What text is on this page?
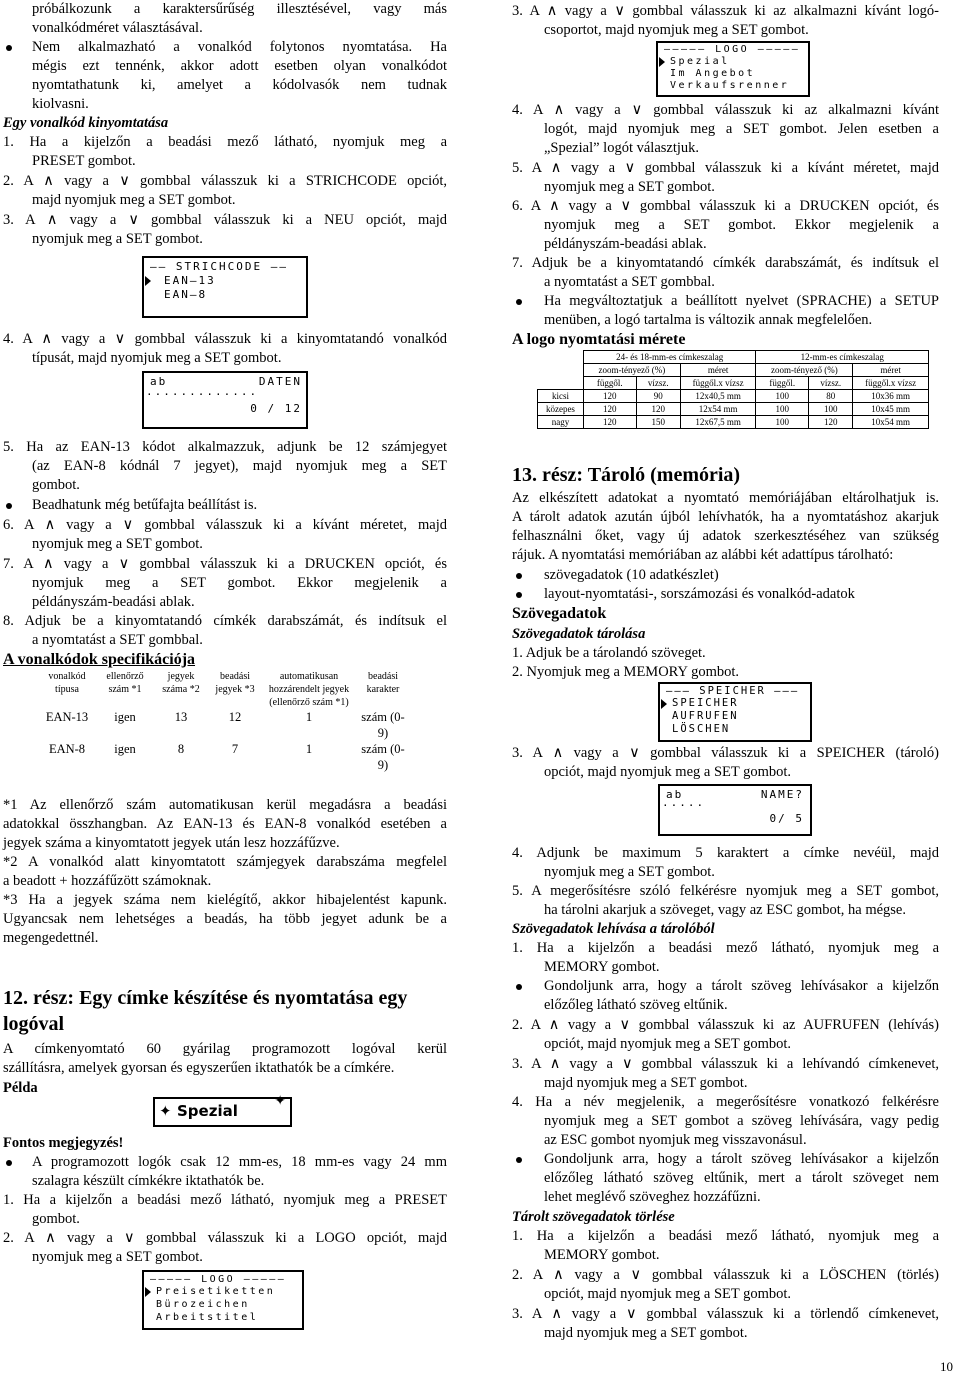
próbálkozunk a karaktersűrűség illesztésével, vagy más
vonalkódméret választásával.
Nem alkalmazható a vonalkód folytonos nyomtatása. Ha
mégis ezt tennénk, akkor adott esetben olyan vonalkódot
nyomtathatunk ki, amelyet a kódolvasók nem tudnak
kiolvasni.
Egy vonalkód kinyomtatása
1. Ha a kijelzőn a beadási mező látható, nyomjuk meg a
PRESET gombot.
2. A ∧ vagy a ∨ gombbal válasszuk ki a STRICHCODE opciót,
majd nyomjuk meg a SET gombot.
3. A ∧ vagy a ∨ gombbal válasszuk ki a NEU opciót, majd
nyomjuk meg a SET gombot.
–– STRICHCODE ––
EAN–13
EAN–8
4. A ∧ vagy a ∨ gombbal válasszuk ki a kinyomtatandó vonalkód
típusát, majd nyomjuk meg a SET gombot.
ab	DATEN
·············
0 / 12
5. Ha az EAN-13 kódot alkalmazzuk, adjunk be 12 számjegyet
(az EAN-8 kódnál 7 jegyet), majd nyomjuk meg a SET
gombot.
Beadhatunk még betűfajta beállítást is.
6. A ∧ vagy a ∨ gombbal válasszuk ki a kívánt méretet, majd
nyomjuk meg a SET gombot.
7. A ∧ vagy a ∨ gombbal válasszuk ki a DRUCKEN opciót, és
nyomjuk meg a SET gombot. Ekkor megjelenik a
példányszám-beadási ablak.
8. Adjuk be a kinyomtatandó címkék darabszámát, és indítsuk el
a nyomtatást a SET gombbal.
A vonalkódok specifikációja
vonalkód típusa	ellenőrző szám *1	jegyek száma *2	beadási jegyek *3	automatikusan hozzárendelt jegyek (ellenőrző szám *1)	beadási karakter
EAN-13	igen	13	12	1	szám (0-9)
EAN-8	igen	8	7	1	szám (0-9)
*1 Az ellenőrző szám automatikusan kerül megadásra a beadási
adatokkal összhangban. Az EAN-13 és EAN-8 vonalkód esetében a
jegyek száma a kinyomtatott jegyek után lesz hozzáfűzve.
*2 A vonalkód alatt kinyomtatott számjegyek darabszáma megfelel
a beadott + hozzáfűzött számoknak.
*3 Ha a jegyek száma nem kielégítő, akkor hibajelentést kapunk.
Ugyancsak nem lehetséges a beadás, ha több jegyet adunk be a
megengedettnél.
12. rész: Egy címke készítése és nyomtatása egy
logóval
A címkenyomtató 60 gyárilag programozott logóval kerül
szállításra, amelyek gyorsan és egyszerűen iktathatók be a címkére.
Példa
✦ Spezial
✦
Fontos megjegyzés!
A programozott logók csak 12 mm-es, 18 mm-es vagy 24 mm
szalagra készült címkékre iktathatók be.
1. Ha a kijelzőn a beadási mező látható, nyomjuk meg a PRESET
gombot.
2. A ∧ vagy a ∨ gombbal válasszuk ki a LOGO opciót, majd
nyomjuk meg a SET gombot.
––––– LOGO –––––
Preisetiketten
Bürozeichen
Arbeitstitel
3. A ∧ vagy a ∨ gombbal válasszuk ki az alkalmazni kívánt logó-
csoportot, majd nyomjuk meg a SET gombot.
––––– LOGO –––––
Spezial
Im Angebot
Verkaufsrenner
4. A ∧ vagy a ∨ gombbal válasszuk ki az alkalmazni kívánt
logót, majd nyomjuk meg a SET gombot. Jelen esetben a
„Spezial” logót választjuk.
5. A ∧ vagy a ∨ gombbal válasszuk ki a kívánt méretet, majd
nyomjuk meg a SET gombot.
6. A ∧ vagy a ∨ gombbal válasszuk ki a DRUCKEN opciót, és
nyomjuk meg a SET gombot. Ekkor megjelenik a
példányszám-beadási ablak.
7. Adjuk be a kinyomtatandó címkék darabszámát, és indítsuk el
a nyomtatást a SET gombbal.
Ha megváltoztatjuk a beállított nyelvet (SPRACHE) a SETUP
menüben, a logó tartalma is változik annak megfelelően.
A logo nyomtatási mérete
	24- és 18-mm-es címkeszalag			12-mm-es címkeszalag		
	zoom-tényező (%)		méret	zoom-tényező (%)		méret
	függől.	vízsz.	függől.x vízsz	függől.	vízsz.	függől.x vízsz
kicsi	120	90	12x40,5 mm	100	80	10x36 mm
közepes	120	120	12x54 mm	100	100	10x45 mm
nagy	120	150	12x67,5 mm	100	120	10x54 mm
13. rész: Tároló (memória)
Az elkészített adatokat a nyomtató memóriájában eltárolhatjuk is.
A tárolt adatok azután újból lehívhatók, ha a nyomtatáshoz akarjuk
felhasználni őket, vagy új adatok szerkesztéséhez van szükség
rájuk. A nyomtatási memóriában az alábbi két adattípus tárolható:
szövegadatok (10 adatkészlet)
layout-nyomtatási-, sorszámozási és vonalkód-adatok
Szövegadatok
Szövegadatok tárolása
1. Adjuk be a tárolandó szöveget.
2. Nyomjuk meg a MEMORY gombot.
––– SPEICHER –––
SPEICHER
AUFRUFEN
LÖSCHEN
3. A ∧ vagy a ∨ gombbal válasszuk ki a SPEICHER (tároló)
opciót, majd nyomjuk meg a SET gombot.
ab	NAME?
·····
0/ 5
4. Adjunk be maximum 5 karaktert a címke nevéül, majd
nyomjuk meg a SET gombot.
5. A megerősítésre szóló felkérésre nyomjuk meg a SET gombot,
ha tárolni akarjuk a szöveget, vagy az ESC gombot, ha mégse.
Szövegadatok lehívása a tárolóból
1. Ha a kijelzőn a beadási mező látható, nyomjuk meg a
MEMORY gombot.
Gondoljunk arra, hogy a tárolt szöveg lehívásakor a kijelzőn
előzőleg látható szöveg eltűnik.
2. A ∧ vagy a ∨ gombbal válasszuk ki az AUFRUFEN (lehívás)
opciót, majd nyomjuk meg a SET gombot.
3. A ∧ vagy a ∨ gombbal válasszuk ki a lehívandó címkenevet,
majd nyomjuk meg a SET gombot.
4. Ha a név megjelenik, a megerősítésre vonatkozó felkérésre
nyomjuk meg a SET gombot a szöveg lehívására, vagy pedig
az ESC gombot nyomjuk meg visszavonásul.
Gondoljunk arra, hogy a tárolt szöveg lehívásakor a kijelzőn
előzőleg látható szöveg eltűnik, mert a tárolt szöveget nem
lehet meglévő szöveghez hozzáfűzni.
Tárolt szövegadatok törlése
1. Ha a kijelzőn a beadási mező látható, nyomjuk meg a
MEMORY gombot.
2. A ∧ vagy a ∨ gombbal válasszuk ki a LÖSCHEN (törlés)
opciót, majd nyomjuk meg a SET gombot.
3. A ∧ vagy a ∨ gombbal válasszuk ki a törlendő címkenevet,
majd nyomjuk meg a SET gombot.
10
